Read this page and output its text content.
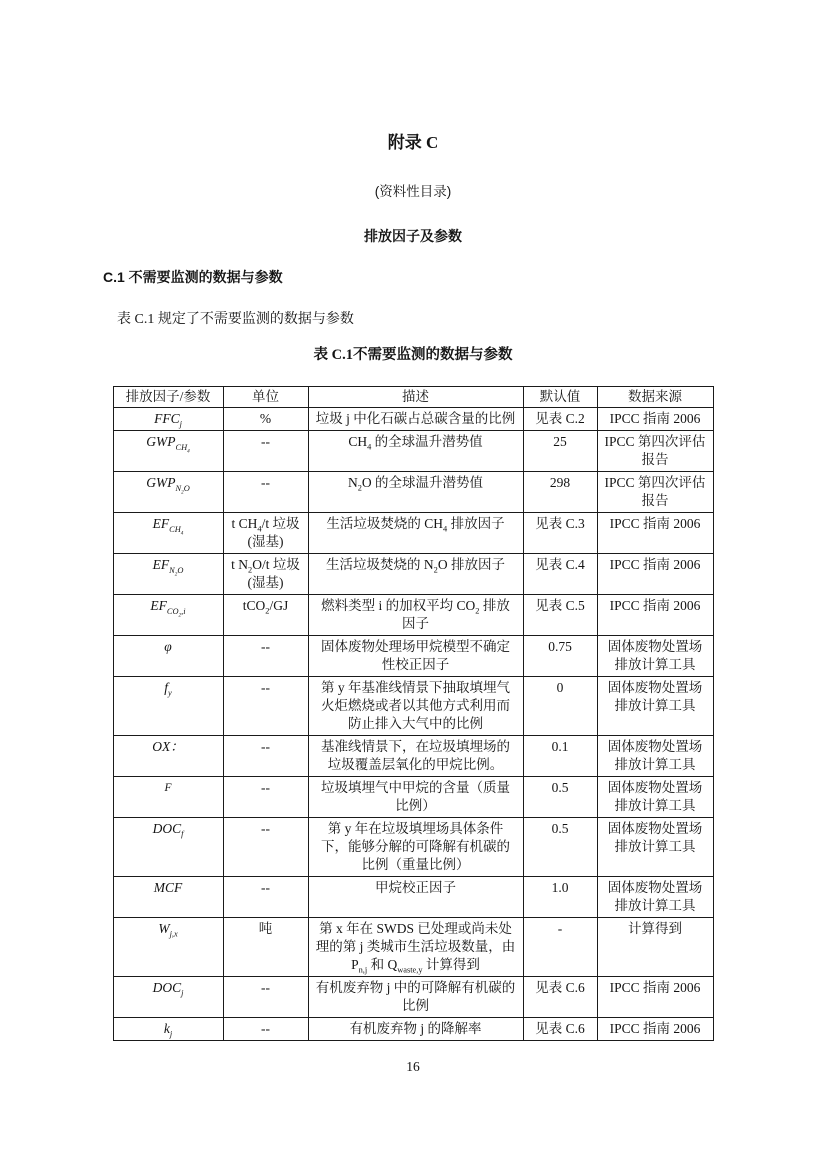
附录 C
(资料性目录)
排放因子及参数
C.1 不需要监测的数据与参数
表 C.1 规定了不需要监测的数据与参数
表 C.1不需要监测的数据与参数
排放因子/参数	单位	描述	默认值	数据来源
$FFC_j$	%	垃圾 j 中化石碳占总碳含量的比例	见表 C.2	IPCC 指南 2006
$GWP_{CH_4}$	--	$CH_4$ 的全球温升潜势值	25	IPCC 第四次评估报告
$GWP_{N_2O}$	--	$N_2O$ 的全球温升潜势值	298	IPCC 第四次评估报告
$EF_{CH_4}$	t $CH_4/t$ 垃圾(湿基)	生活垃圾焚烧的 $CH_4$ 排放因子	见表 C.3	IPCC 指南 2006
$EF_{N_2O}$	t $N_2O/t$ 垃圾(湿基)	生活垃圾焚烧的 $N_2O$ 排放因子	见表 C.4	IPCC 指南 2006
$EF_{CO_2,i}$	tCO$_2$/GJ	燃料类型 i 的加权平均 $CO_2$ 排放因子	见表 C.5	IPCC 指南 2006
φ	--	固体废物处理场甲烷模型不确定性校正因子	0.75	固体废物处置场排放计算工具
$f_y$	--	第 y 年基准线情景下抽取填埋气火炬燃烧或者以其他方式利用而防止排入大气中的比例	0	固体废物处置场排放计算工具
OX：	--	基准线情景下，在垃圾填埋场的垃圾覆盖层氧化的甲烷比例。	0.1	固体废物处置场排放计算工具
F	--	垃圾填埋气中甲烷的含量（质量比例）	0.5	固体废物处置场排放计算工具
$DOC_f$	--	第 y 年在垃圾填埋场具体条件下，能够分解的可降解有机碳的比例（重量比例）	0.5	固体废物处置场排放计算工具
MCF	--	甲烷校正因子	1.0	固体废物处置场排放计算工具
$W_{j,x}$	吨	第 x 年在 SWDS 已处理或尚未处理的第 j 类城市生活垃圾数量，由 $P_{n,j}$ 和 $Q_{waste,y}$ 计算得到	-	计算得到
$DOC_j$	--	有机废弃物 j 中的可降解有机碳的比例	见表 C.6	IPCC 指南 2006
$k_j$	--	有机废弃物 j 的降解率	见表 C.6	IPCC 指南 2006
16
